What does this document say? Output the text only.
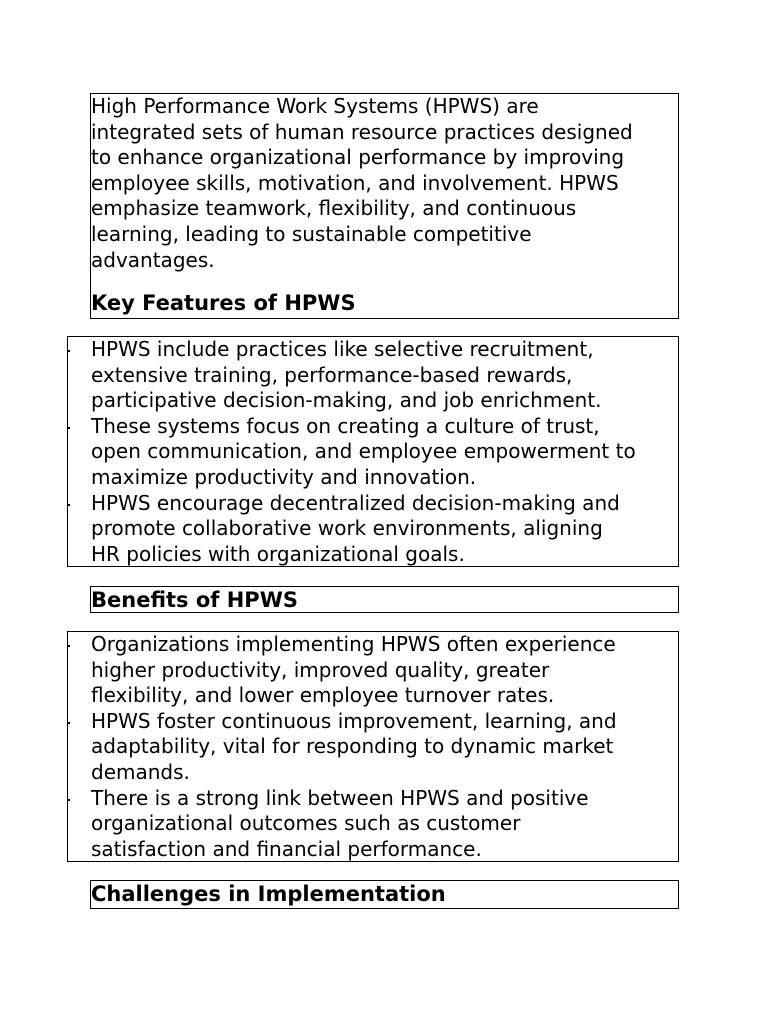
High Performance Work Systems (HPWS) are
integrated sets of human resource practices designed
to enhance organizational performance by improving
employee skills, motivation, and involvement. HPWS
emphasize teamwork, flexibility, and continuous
learning, leading to sustainable competitive
advantages.
Key Features of HPWS
HPWS include practices like selective recruitment,
extensive training, performance-based rewards,
participative decision-making, and job enrichment.
These systems focus on creating a culture of trust,
open communication, and employee empowerment to
maximize productivity and innovation.
HPWS encourage decentralized decision-making and
promote collaborative work environments, aligning
HR policies with organizational goals.
Benefits of HPWS
Organizations implementing HPWS often experience
higher productivity, improved quality, greater
flexibility, and lower employee turnover rates.
HPWS foster continuous improvement, learning, and
adaptability, vital for responding to dynamic market
demands.
There is a strong link between HPWS and positive
organizational outcomes such as customer
satisfaction and financial performance.
Challenges in Implementation
